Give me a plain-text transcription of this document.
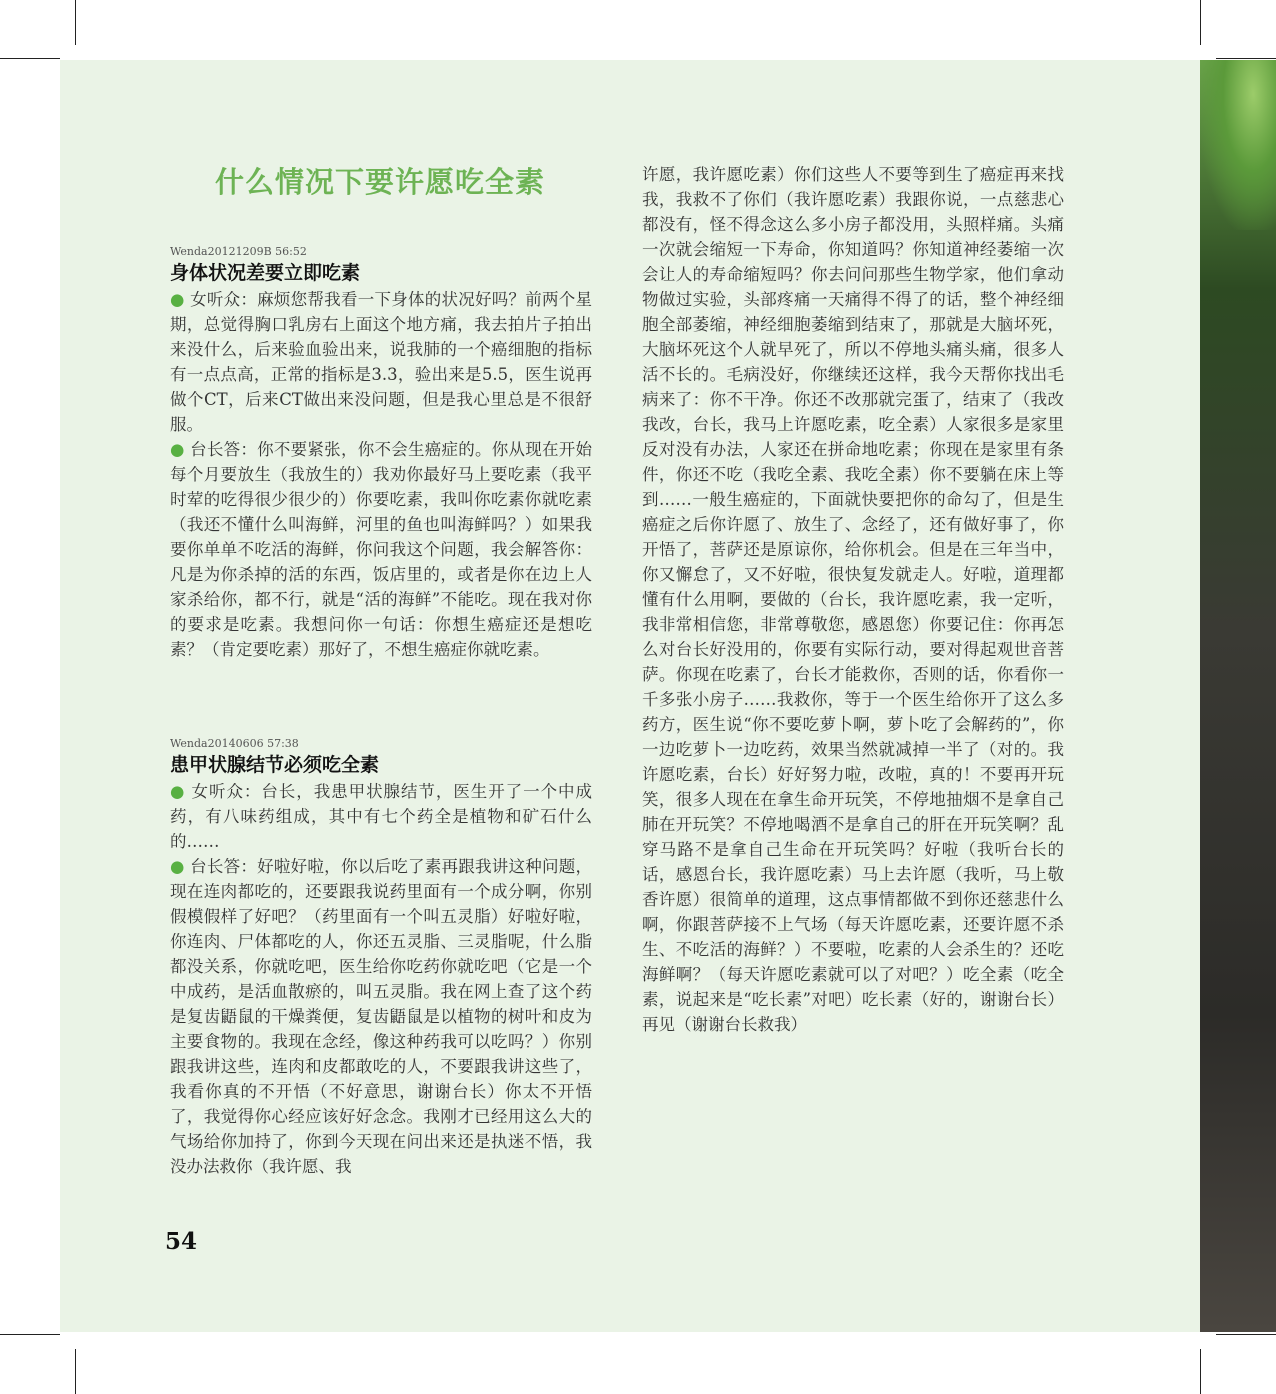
什么情况下要许愿吃全素

Wenda20121209B 56:52

身体状况差要立即吃素

● 女听众：麻烦您帮我看一下身体的状况好吗？前两个星期，总觉得胸口乳房右上面这个地方痛，我去拍片子拍出来没什么，后来验血验出来，说我肺的一个癌细胞的指标有一点点高，正常的指标是3.3，验出来是5.5，医生说再做个CT，后来CT做出来没问题，但是我心里总是不很舒服。

● 台长答：你不要紧张，你不会生癌症的。你从现在开始每个月要放生（我放生的）我劝你最好马上要吃素（我平时荤的吃得很少很少的）你要吃素，我叫你吃素你就吃素（我还不懂什么叫海鲜，河里的鱼也叫海鲜吗？）如果我要你单单不吃活的海鲜，你问我这个问题，我会解答你：凡是为你杀掉的活的东西，饭店里的，或者是你在边上人家杀给你，都不行，就是“活的海鲜”不能吃。现在我对你的要求是吃素。我想问你一句话：你想生癌症还是想吃素？（肯定要吃素）那好了，不想生癌症你就吃素。

Wenda20140606 57:38

患甲状腺结节必须吃全素

● 女听众：台长，我患甲状腺结节，医生开了一个中成药，有八味药组成，其中有七个药全是植物和矿石什么的……

● 台长答：好啦好啦，你以后吃了素再跟我讲这种问题，现在连肉都吃的，还要跟我说药里面有一个成分啊，你别假模假样了好吧？（药里面有一个叫五灵脂）好啦好啦，你连肉、尸体都吃的人，你还五灵脂、三灵脂呢，什么脂都没关系，你就吃吧，医生给你吃药你就吃吧（它是一个中成药，是活血散瘀的，叫五灵脂。我在网上查了这个药是复齿鼯鼠的干燥粪便，复齿鼯鼠是以植物的树叶和皮为主要食物的。我现在念经，像这种药我可以吃吗？）你别跟我讲这些，连肉和皮都敢吃的人，不要跟我讲这些了，我看你真的不开悟（不好意思，谢谢台长）你太不开悟了，我觉得你心经应该好好念念。我刚才已经用这么大的气场给你加持了，你到今天现在问出来还是执迷不悟，我没办法救你（我许愿、我

许愿，我许愿吃素）你们这些人不要等到生了癌症再来找我，我救不了你们（我许愿吃素）我跟你说，一点慈悲心都没有，怪不得念这么多小房子都没用，头照样痛。头痛一次就会缩短一下寿命，你知道吗？你知道神经萎缩一次会让人的寿命缩短吗？你去问问那些生物学家，他们拿动物做过实验，头部疼痛一天痛得不得了的话，整个神经细胞全部萎缩，神经细胞萎缩到结束了，那就是大脑坏死，大脑坏死这个人就早死了，所以不停地头痛头痛，很多人活不长的。毛病没好，你继续还这样，我今天帮你找出毛病来了：你不干净。你还不改那就完蛋了，结束了（我改我改，台长，我马上许愿吃素，吃全素）人家很多是家里反对没有办法，人家还在拼命地吃素；你现在是家里有条件，你还不吃（我吃全素、我吃全素）你不要躺在床上等到……一般生癌症的，下面就快要把你的命勾了，但是生癌症之后你许愿了、放生了、念经了，还有做好事了，你开悟了，菩萨还是原谅你，给你机会。但是在三年当中，你又懈怠了，又不好啦，很快复发就走人。好啦，道理都懂有什么用啊，要做的（台长，我许愿吃素，我一定听，我非常相信您，非常尊敬您，感恩您）你要记住：你再怎么对台长好没用的，你要有实际行动，要对得起观世音菩萨。你现在吃素了，台长才能救你，否则的话，你看你一千多张小房子……我救你，等于一个医生给你开了这么多药方，医生说“你不要吃萝卜啊，萝卜吃了会解药的”，你一边吃萝卜一边吃药，效果当然就减掉一半了（对的。我许愿吃素，台长）好好努力啦，改啦，真的！不要再开玩笑，很多人现在在拿生命开玩笑，不停地抽烟不是拿自己肺在开玩笑？不停地喝酒不是拿自己的肝在开玩笑啊？乱穿马路不是拿自己生命在开玩笑吗？好啦（我听台长的话，感恩台长，我许愿吃素）马上去许愿（我听，马上敬香许愿）很简单的道理，这点事情都做不到你还慈悲什么啊，你跟菩萨接不上气场（每天许愿吃素，还要许愿不杀生、不吃活的海鲜？）不要啦，吃素的人会杀生的？还吃海鲜啊？（每天许愿吃素就可以了对吧？）吃全素（吃全素，说起来是“吃长素”对吧）吃长素（好的，谢谢台长）再见（谢谢台长救我）

54
